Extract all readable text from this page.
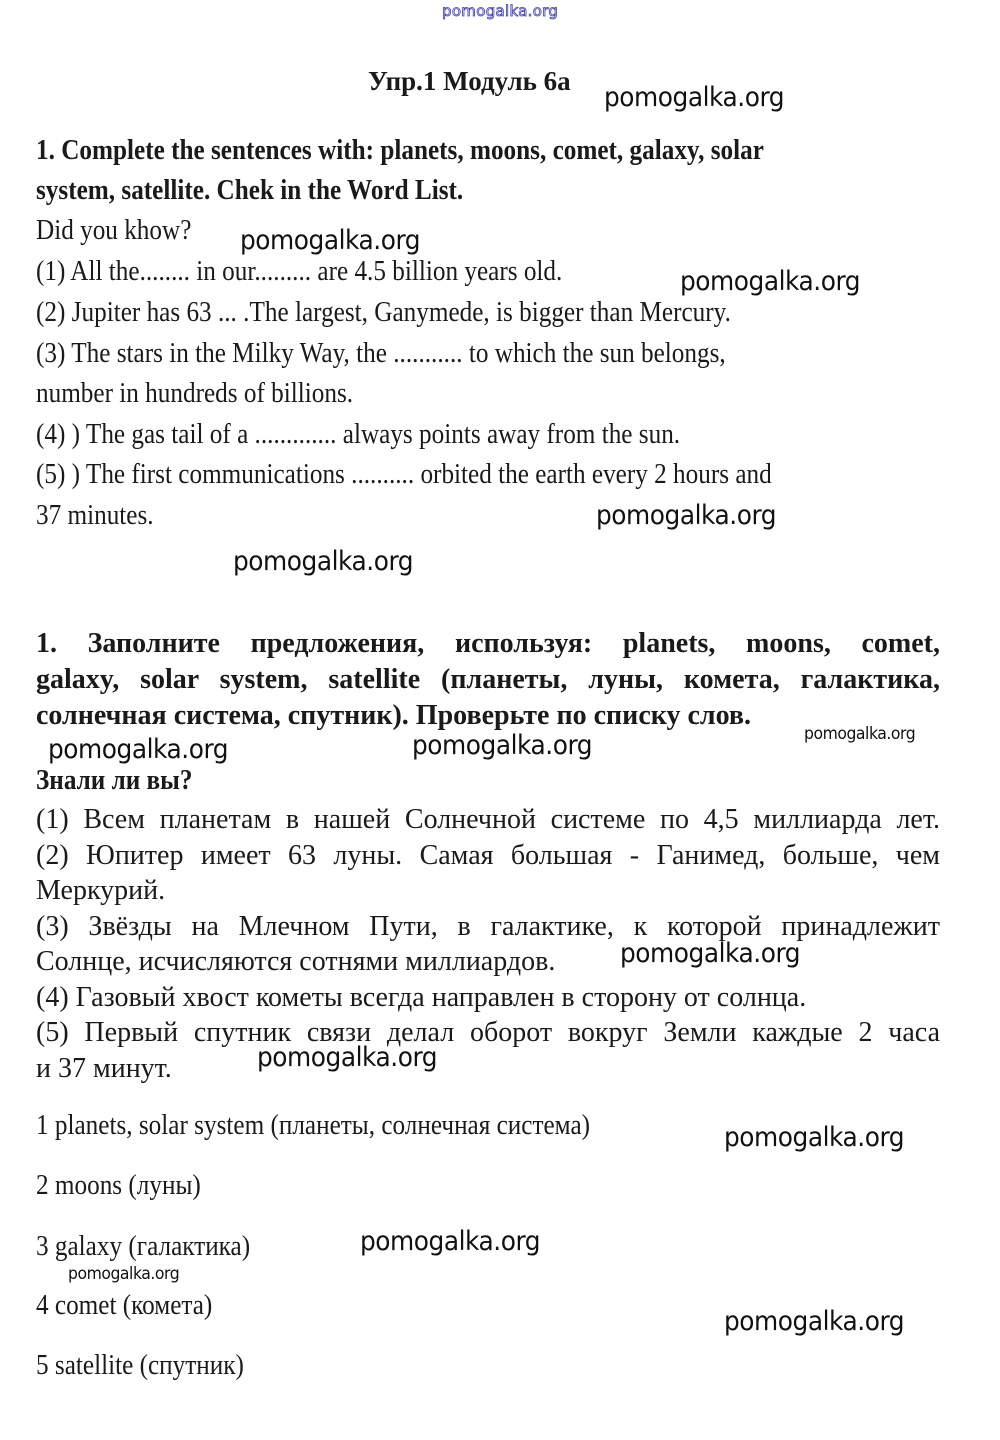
pomogalka.org
Упр.1 Модуль 6а
pomogalka.org
1. Complete the sentences with: planets, moons, comet, galaxy, solar
system, satellite. Chek in the Word List.
Did you khow? pomogalka.org
(1) All the........ in our......... are 4.5 billion years old.	pomogalka.org
(2) Jupiter has 63 ... .The largest, Ganymede, is bigger than Mercury.
(3) The stars in the Milky Way, the ........... to which the sun belongs,
number in hundreds of billions.
(4) ) The gas tail of a ............. always points away from the sun.
(5) ) The first communications .......... orbited the earth every 2 hours and
37 minutes.	pomogalka.org
pomogalka.org
1. Заполните предложения, используя: planets, moons, comet,
galaxy, solar system, satellite (планеты, луны, комета, галактика,
солнечная система, спутник). Проверьте по списку слов.
pomogalka.org
pomogalka.org	pomogalka.org
Знали ли вы?
(1) Всем планетам в нашей Солнечной системе по 4,5 миллиарда лет.
(2) Юпитер имеет 63 луны. Самая большая - Ганимед, больше, чем
Меркурий.
(3) Звёзды на Млечном Пути, в галактике, к которой принадлежит
Солнце, исчисляются сотнями миллиардов.	pomogalka.org
(4) Газовый хвост кометы всегда направлен в сторону от солнца.
(5) Первый спутник связи делал оборот вокруг Земли каждые 2 часа
и 37 минут.	pomogalka.org
1 planets, solar system (планеты, солнечная система)	pomogalka.org
2 moons (луны)
3 galaxy (галактика)	pomogalka.org
pomogalka.org
4 comet (комета)
pomogalka.org
5 satellite (спутник)
